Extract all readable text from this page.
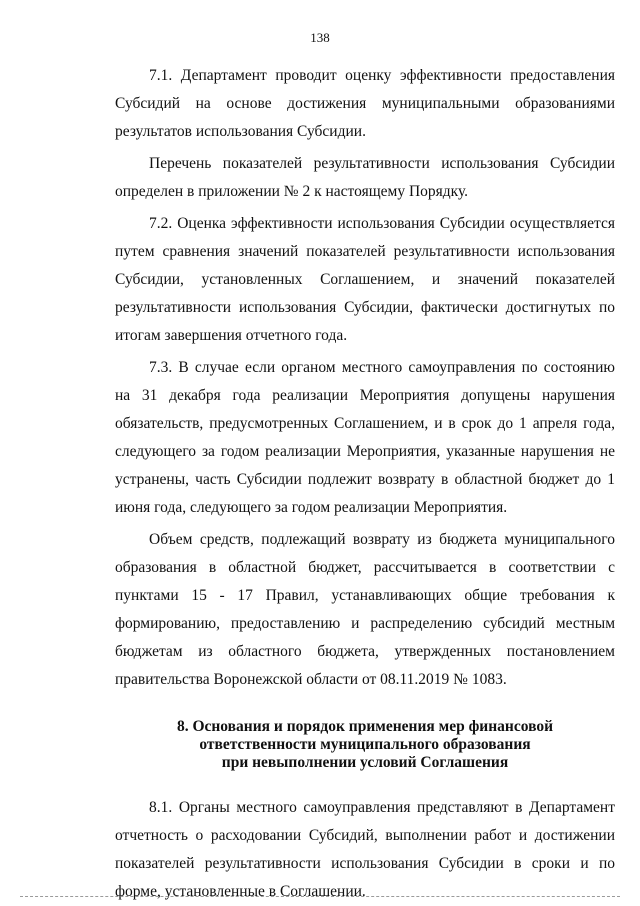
138

7.1. Департамент проводит оценку эффективности предоставления Субсидий на основе достижения муниципальными образованиями результатов использования Субсидии.

Перечень показателей результативности использования Субсидии определен в приложении № 2 к настоящему Порядку.

7.2. Оценка эффективности использования Субсидии осуществляется путем сравнения значений показателей результативности использования Субсидии, установленных Соглашением, и значений показателей результативности использования Субсидии, фактически достигнутых по итогам завершения отчетного года.

7.3. В случае если органом местного самоуправления по состоянию на 31 декабря года реализации Мероприятия допущены нарушения обязательств, предусмотренных Соглашением, и в срок до 1 апреля года, следующего за годом реализации Мероприятия, указанные нарушения не устранены, часть Субсидии подлежит возврату в областной бюджет до 1 июня года, следующего за годом реализации Мероприятия.

Объем средств, подлежащий возврату из бюджета муниципального образования в областной бюджет, рассчитывается в соответствии с пунктами 15 - 17 Правил, устанавливающих общие требования к формированию, предоставлению и распределению субсидий местным бюджетам из областного бюджета, утвержденных постановлением правительства Воронежской области от 08.11.2019 № 1083.

8. Основания и порядок применения мер финансовой
ответственности муниципального образования
при невыполнении условий Соглашения

8.1. Органы местного самоуправления представляют в Департамент отчетность о расходовании Субсидий, выполнении работ и достижении показателей результативности использования Субсидии в сроки и по форме, установленные в Соглашении.
